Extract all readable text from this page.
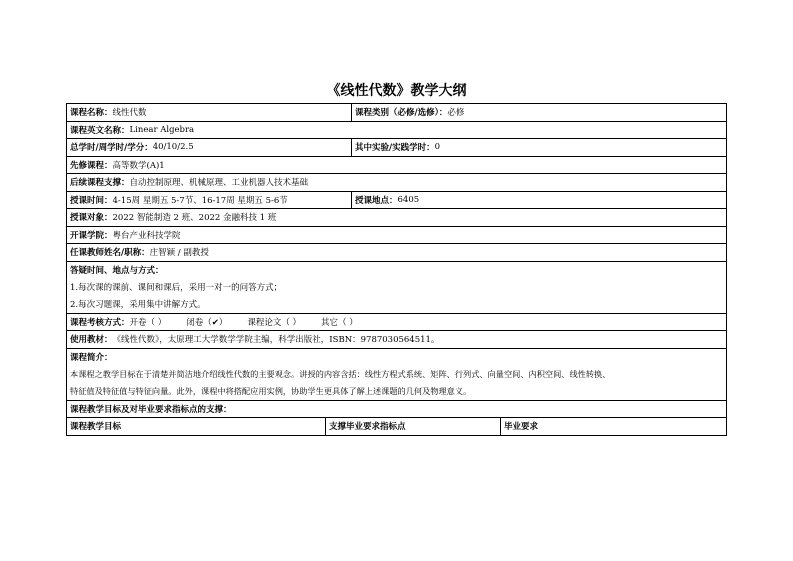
《线性代数》教学大纲
课程名称： 线性代数	课程类别（必修/选修）： 必修
课程英文名称： Linear Algebra
总学时/周学时/学分： 40/10/2.5	其中实验/实践学时： 0
先修课程： 高等数学(A)1
后续课程支撑： 自动控制原理、机械原理、工业机器人技术基础
授课时间： 4-15周 星期五 5-7节、16-17周 星期五 5-6节	授课地点： 6405
授课对象： 2022 智能制造 2 班、2022 金融科技 1 班
开课学院： 粤台产业科技学院
任课教师姓名/职称： 庄智颖 / 副教授
答疑时间、地点与方式：
1.每次课的课前、课间和课后，采用一对一的问答方式；
2.每次习题课，采用集中讲解方式。
课程考核方式： 开卷（ ） 闭卷（✔） 课程论文（ ） 其它（ ）
使用教材： 《线性代数》，太原理工大学数学学院主编，科学出版社，ISBN：9787030564511。
课程简介：
本课程之教学目标在于清楚并简洁地介绍线性代数的主要观念。讲授的内容含括：线性方程式系统、矩阵、行列式、向量空间、内积空间、线性转换、
特征值及特征值与特征向量。此外，课程中将搭配应用实例，协助学生更具体了解上述课题的几何及物理意义。
课程教学目标及对毕业要求指标点的支撑：
课程教学目标	支撑毕业要求指标点	毕业要求
